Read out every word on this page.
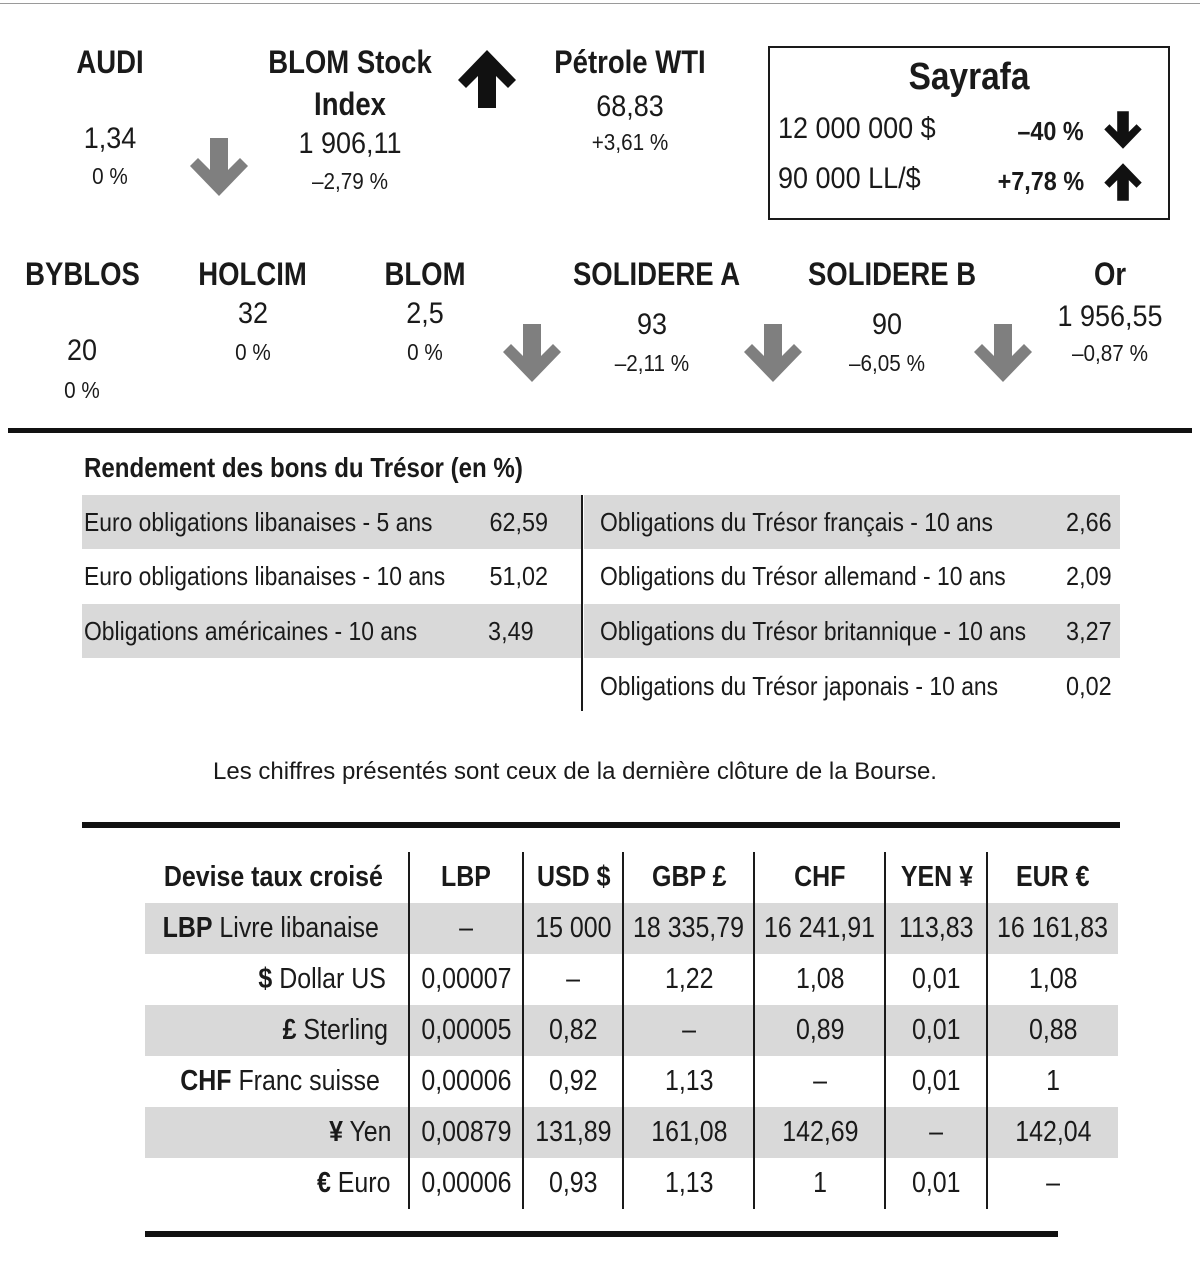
AUDI
1,34
0 %
BLOM Stock
Index
1 906,11
–2,79 %
Pétrole WTI
68,83
+3,61 %
Sayrafa
12 000 000 $	–40 %
90 000 LL/$	+7,78 %
BYBLOS
20
0 %
HOLCIM
32
0 %
BLOM
2,5
0 %
SOLIDERE A
93
–2,11 %
SOLIDERE B
90
–6,05 %
Or
1 956,55
–0,87 %
Rendement des bons du Trésor (en %)
Euro obligations libanaises - 5 ans 62,59
Euro obligations libanaises - 10 ans 51,02
Obligations américaines - 10 ans	3,49
Obligations du Trésor français - 10 ans	2,66
Obligations du Trésor allemand - 10 ans 2,09
Obligations du Trésor britannique - 10 ans 3,27
Obligations du Trésor japonais - 10 ans	0,02
Les chiffres présentés sont ceux de la dernière clôture de la Bourse.
Devise taux croisé	LBP	USD $	GBP £	CHF	YEN ¥	EUR €
LBP Livre libanaise	–	15 000	18 335,79	16 241,91	113,83	16 161,83
$ Dollar US	0,00007	–	1,22	1,08	0,01	1,08
£ Sterling	0,00005	0,82	–	0,89	0,01	0,88
CHF Franc suisse	0,00006	0,92	1,13	–	0,01	1
¥ Yen	0,00879	131,89	161,08	142,69	–	142,04
€ Euro	0,00006	0,93	1,13	1	0,01	–
